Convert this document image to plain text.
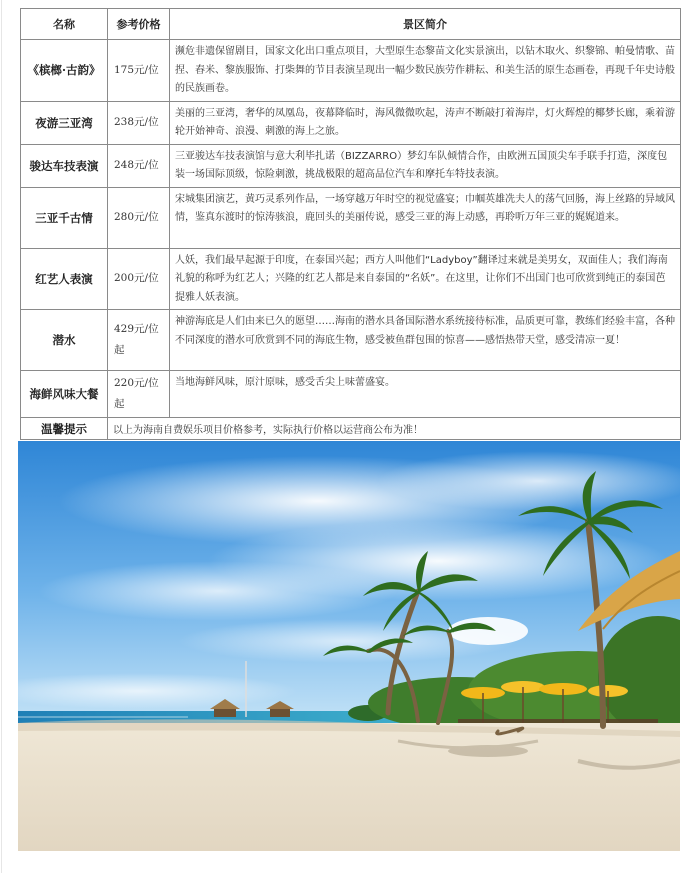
名称	参考价格	景区简介
《槟榔·古韵》	175元/位	濒危非遗保留剧目，国家文化出口重点项目，大型原生态黎苗文化实景演出，以钻木取火、织黎锦、帕曼情歌、苗捏、舂米、黎族服饰、打柴舞的节目表演呈现出一幅少数民族劳作耕耘、和美生活的原生态画卷，再现千年史诗般的民族画卷。
夜游三亚湾	238元/位	美丽的三亚湾，奢华的凤凰岛，夜幕降临时，海风微微吹起，涛声不断敲打着海岸，灯火辉煌的椰梦长廊，乘着游轮开始神奇、浪漫、刺激的海上之旅。
骏达车技表演	248元/位	三亚骏达车技表演馆与意大利毕扎诺（BIZZARRO）梦幻车队倾情合作，由欧洲五国顶尖车手联手打造，深度包装一场国际顶级，惊险刺激，挑战极限的超高品位汽车和摩托车特技表演。
三亚千古情	280元/位	宋城集团演艺，黄巧灵系列作品，一场穿越万年时空的视觉盛宴；巾帼英雄冼夫人的荡气回肠，海上丝路的异域风情，鉴真东渡时的惊涛骇浪，鹿回头的美丽传说，感受三亚的海上动感，再聆听万年三亚的娓娓道来。
红艺人表演	200元/位	人妖，我们最早起源于印度，在泰国兴起；西方人叫他们“Ladyboy”翻译过来就是美男女，双面佳人；我们海南礼貌的称呼为红艺人；兴隆的红艺人都是来自泰国的“名妖”。在这里，让你们不出国门也可欣赏到纯正的泰国芭提雅人妖表演。
潜水	429元/位起	神游海底是人们由来已久的愿望……海南的潜水具备国际潜水系统接待标准，品质更可靠，教练们经验丰富，各种不同深度的潜水可欣赏到不同的海底生物，感受被鱼群包围的惊喜——感悟热带天堂，感受清凉一夏！
海鲜风味大餐	220元/位起	当地海鲜风味，原汁原味，感受舌尖上味蕾盛宴。
温馨提示	以上为海南自费娱乐项目价格参考，实际执行价格以运营商公布为准！	
